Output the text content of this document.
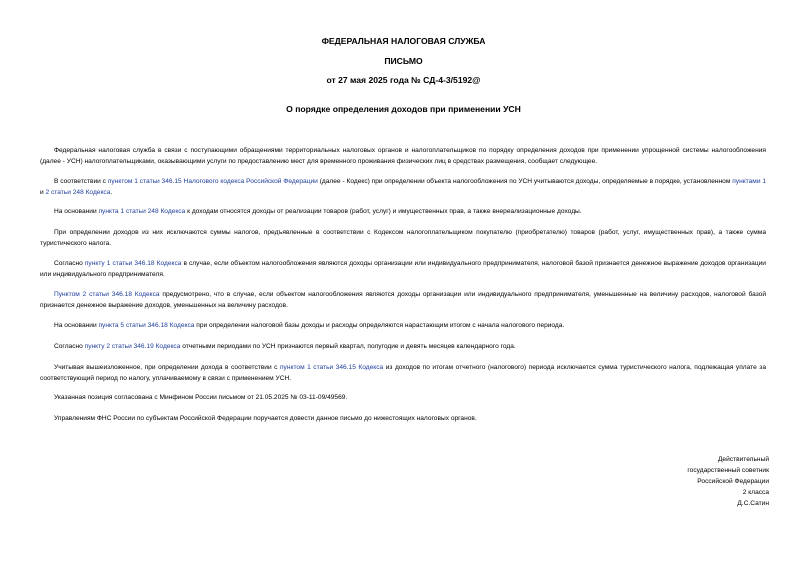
ФЕДЕРАЛЬНАЯ НАЛОГОВАЯ СЛУЖБА
ПИСЬМО
от 27 мая 2025 года № СД-4-3/5192@
О порядке определения доходов при применении УСН

Федеральная налоговая служба в связи с поступающими обращениями территориальных налоговых органов и налогоплательщиков по порядку определения доходов при применении упрощенной системы налогообложения (далее - УСН) налогоплательщиками, оказывающими услуги по предоставлению мест для временного проживания физических лиц в средствах размещения, сообщает следующее.

В соответствии с пунктом 1 статьи 346.15 Налогового кодекса Российской Федерации (далее - Кодекс) при определении объекта налогообложения по УСН учитываются доходы, определяемые в порядке, установленном пунктами 1 и 2 статьи 248 Кодекса.

На основании пункта 1 статьи 248 Кодекса к доходам относятся доходы от реализации товаров (работ, услуг) и имущественных прав, а также внереализационные доходы.

При определении доходов из них исключаются суммы налогов, предъявленные в соответствии с Кодексом налогоплательщиком покупателю (приобретателю) товаров (работ, услуг, имущественных прав), а также сумма туристического налога.

Согласно пункту 1 статьи 346.18 Кодекса в случае, если объектом налогообложения являются доходы организации или индивидуального предпринимателя, налоговой базой признается денежное выражение доходов организации или индивидуального предпринимателя.

Пунктом 2 статьи 346.18 Кодекса предусмотрено, что в случае, если объектом налогообложения являются доходы организации или индивидуального предпринимателя, уменьшенные на величину расходов, налоговой базой признается денежное выражение доходов, уменьшенных на величину расходов.

На основании пункта 5 статьи 346.18 Кодекса при определении налоговой базы доходы и расходы определяются нарастающим итогом с начала налогового периода.

Согласно пункту 2 статьи 346.19 Кодекса отчетными периодами по УСН признаются первый квартал, полугодие и девять месяцев календарного года.

Учитывая вышеизложенное, при определении дохода в соответствии с пунктом 1 статьи 346.15 Кодекса из доходов по итогам отчетного (налогового) периода исключается сумма туристического налога, подлежащая уплате за соответствующий период по налогу, уплачиваемому в связи с применением УСН.

Указанная позиция согласована с Минфином России письмом от 21.05.2025 № 03-11-09/49569.

Управлениям ФНС России по субъектам Российской Федерации поручается довести данное письмо до нижестоящих налоговых органов.

Действительный
государственный советник
Российской Федерации
2 класса
Д.С.Сатин
